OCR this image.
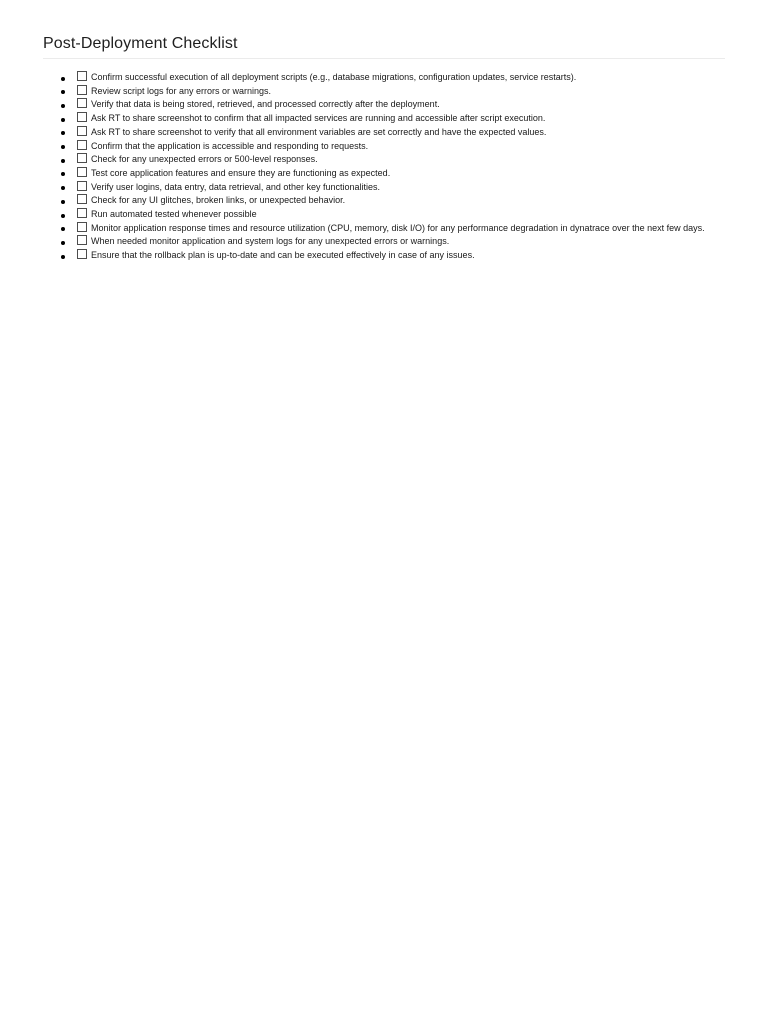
Post-Deployment Checklist
Confirm successful execution of all deployment scripts (e.g., database migrations, configuration updates, service restarts).
Review script logs for any errors or warnings.
Verify that data is being stored, retrieved, and processed correctly after the deployment.
Ask RT to share screenshot to confirm that all impacted services are running and accessible after script execution.
Ask RT to share screenshot to verify that all environment variables are set correctly and have the expected values.
Confirm that the application is accessible and responding to requests.
Check for any unexpected errors or 500-level responses.
Test core application features and ensure they are functioning as expected.
Verify user logins, data entry, data retrieval, and other key functionalities.
Check for any UI glitches, broken links, or unexpected behavior.
Run automated tested whenever possible
Monitor application response times and resource utilization (CPU, memory, disk I/O) for any performance degradation in dynatrace over the next few days.
When needed monitor application and system logs for any unexpected errors or warnings.
Ensure that the rollback plan is up-to-date and can be executed effectively in case of any issues.
